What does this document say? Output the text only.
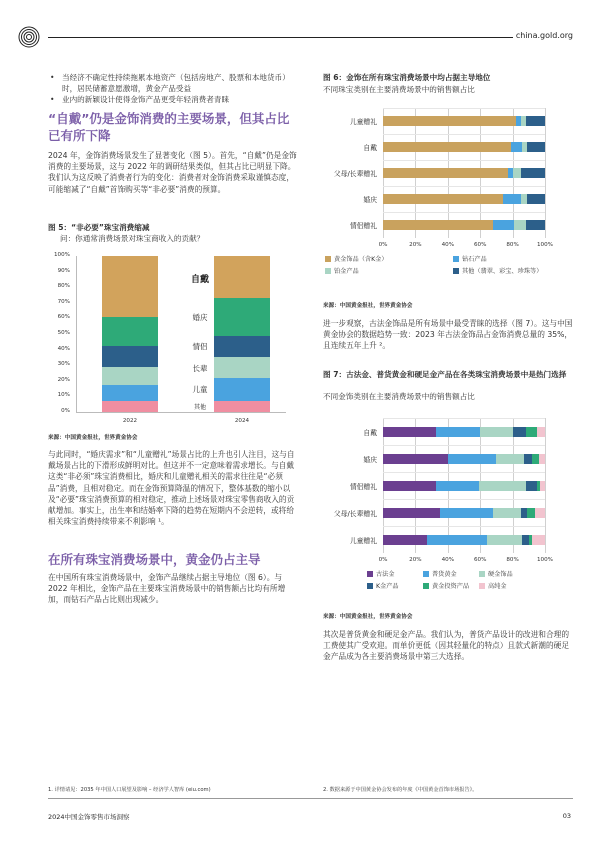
china.gold.org
• 当经济不确定性持续拖累本地资产（包括房地产、股票和本地货币）时，居民储蓄意愿激增，黄金产品受益
• 业内的新颖设计使得金饰产品更受年轻消费者青睐
“自戴”仍是金饰消费的主要场景，但其占比已有所下降
2024 年，金饰消费场景发生了显著变化（图 5）。首先，“自戴”仍是金饰消费的主要场景，这与 2022 年的调研结果类似，但其占比已明显下降。我们认为这反映了消费者行为的变化：消费者对金饰消费采取谨慎态度，可能缩减了“自戴”首饰购买等“非必要”消费的预算。
图 5：“非必要”珠宝消费缩减
问：你通常消费场景对珠宝商收入的贡献？
0%
10%
20%
30%
40%
50%
60%
70%
80%
90%
100%
2022	2024
其他
儿童
长辈
情侣
婚庆
自戴
来源：中国黄金报社，世界黄金协会
与此同时，“婚庆需求”和“儿童赠礼”场景占比的上升也引人注目，这与自戴场景占比的下滑形成鲜明对比。但这并不一定意味着需求增长。与自戴这类“非必须”珠宝消费相比，婚庆和儿童赠礼相关的需求往往是“必须品”消费，且相对稳定。而在金饰预算降温的情况下，整体基数的缩小以及“必要”珠宝消费预算的相对稳定，推动上述场景对珠宝零售商收入的贡献增加。事实上，出生率和结婚率下降的趋势在短期内不会逆转，或将给相关珠宝消费持续带来不利影响 ¹。
在所有珠宝消费场景中，黄金仍占主导
在中国所有珠宝消费场景中，金饰产品继续占据主导地位（图 6）。与 2022 年相比，金饰产品在主要珠宝消费场景中的销售额占比均有所增加，而钻石产品占比则出现减少。
图 6：金饰在所有珠宝消费场景中均占据主导地位
不同珠宝类别在主要消费场景中的销售额占比
0%	20%	40%	60%	80%	100%
儿童赠礼
自戴
父母/长辈赠礼
婚庆
情侣赠礼
黄金饰品（含K金）	钻石产品
铂金产品	其他（翡翠、彩宝、珍珠等）
来源：中国黄金报社，世界黄金协会
进一步观察，古法金饰品是所有场景中最受青睐的选择（图 7）。这与中国黄金协会的数据趋势一致：2023 年古法金饰品占金饰消费总量的 35%，且连续五年上升 ²。
图 7：古法金、普货黄金和硬足金产品在各类珠宝消费场景中是热门选择
不同金饰类别在主要消费场景中的销售额占比
0%	20%	40%	60%	80%	100%
自戴
婚庆
情侣赠礼
父母/长辈赠礼
儿童赠礼
古法金	普货黄金	硬金饰品
K金产品	黄金投资产品	高纯金
来源：中国黄金报社，世界黄金协会
其次是普货黄金和硬足金产品。我们认为，普货产品设计的改进和合理的工费使其广受欢迎。而单价更低（因其轻量化的特点）且款式新潮的硬足金产品成为各主要消费场景中第三大选择。
1. 详情请见：2035 年中国人口展望及影响 – 经济学人智库 (eiu.com)	2. 数据来源于中国黄金协会发布的年度《中国黄金首饰市场报告》。
2024中国金饰零售市场洞察	03
